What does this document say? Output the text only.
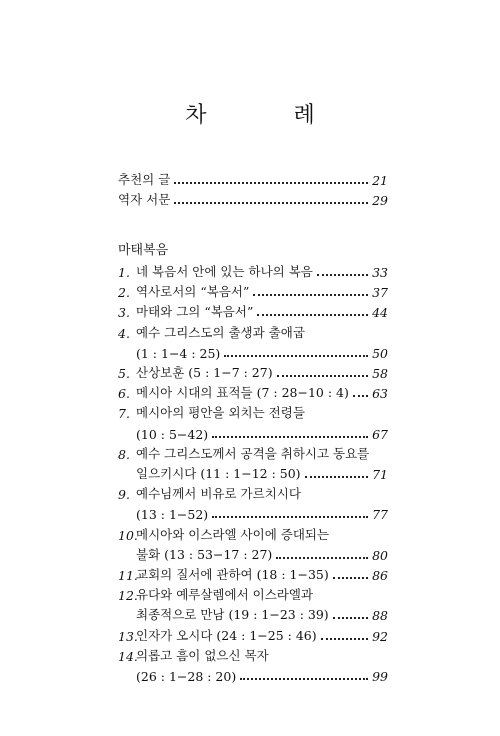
차 례
추천의 글	21
역자 서문	29
마태복음
1. 네 복음서 안에 있는 하나의 복음	33
2. 역사로서의 “복음서”	37
3. 마태와 그의 “복음서”	44
4. 예수 그리스도의 출생과 출애굽
(1 : 1−4 : 25)	50
5. 산상보훈 (5 : 1−7 : 27)	58
6. 메시아 시대의 표적들 (7 : 28−10 : 4) 63
7. 메시아의 평안을 외치는 전령들
(10 : 5−42)	67
8. 예수 그리스도께서 공격을 취하시고 동요를
일으키시다 (11 : 1−12 : 50)	71
9. 예수님께서 비유로 가르치시다
(13 : 1−52)	77
10.
메시아와 이스라엘 사이에 증대되는
불화 (13 : 53−17 : 27)	80
11.
교회의 질서에 관하여 (18 : 1−35)	86
12.
유다와 예루살렘에서 이스라엘과
최종적으로 만남 (19 : 1−23 : 39)	88
13.
인자가 오시다 (24 : 1−25 : 46)	92
14.
의롭고 흠이 없으신 목자
(26 : 1−28 : 20)	99
